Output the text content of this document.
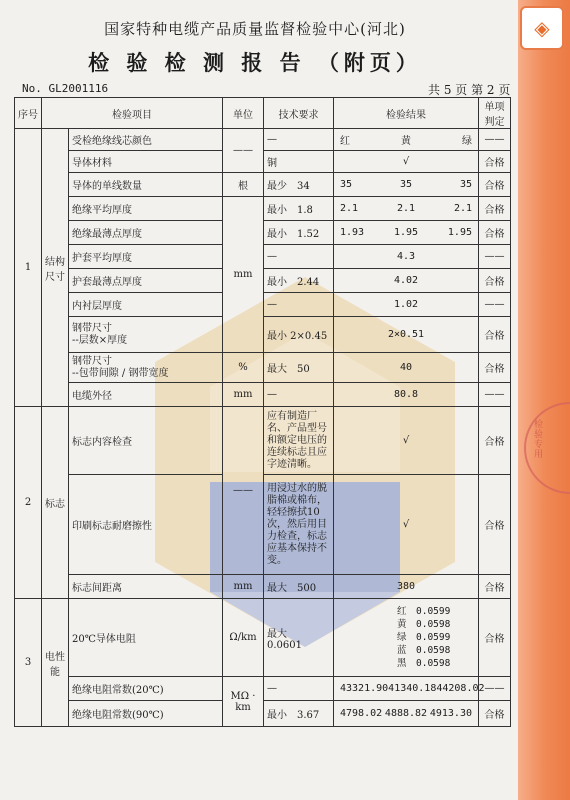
◈
检
验
专
用
国家特种电缆产品质量监督检验中心(河北)
检 验 检 测 报 告 （附页）
No. GL2001116	共 5 页 第 2 页
序号	检验项目		单位	技术要求	检验结果	单项判定
1	结构尺寸	受检绝缘线芯颜色	——	—	红 黄 绿	——
		导体材料		铜	√	合格
		导体的单线数量	根	最少　34	35 35 35	合格
		绝缘平均厚度	mm	最小　1.8	2.1 2.1 2.1	合格
		绝缘最薄点厚度		最小　1.52	1.93 1.95 1.95	合格
		护套平均厚度		—	4.3	——
		护套最薄点厚度		最小　2.44	4.02	合格
		内衬层厚度		—	1.02	——
		钢带尺寸
--层数×厚度		最小 2×0.45	2×0.51	合格
		钢带尺寸
--包带间隙 / 钢带宽度	%	最大　50	40	合格
		电缆外径	mm	—	80.8	——
2	标志	标志内容检查	——	应有制造厂名、产品型号和额定电压的连续标志且应字迹清晰。	√	合格
		印刷标志耐磨擦性		用浸过水的脱脂棉或棉布，轻轻擦拭10次，然后用目力检查，标志应基本保持不变。	√	合格
		标志间距离	mm	最大　500	380	合格
3	电性能	20℃导体电阻	Ω/km	最大　0.0601	红　0.0599
黄　0.0598
绿　0.0599
蓝　0.0598
黑　0.0598	合格
		绝缘电阻常数(20℃)	MΩ · km	—	43321.90 41340.18 44208.02	——
		绝缘电阻常数(90℃)		最小　3.67	4798.02 4888.82 4913.30	合格
